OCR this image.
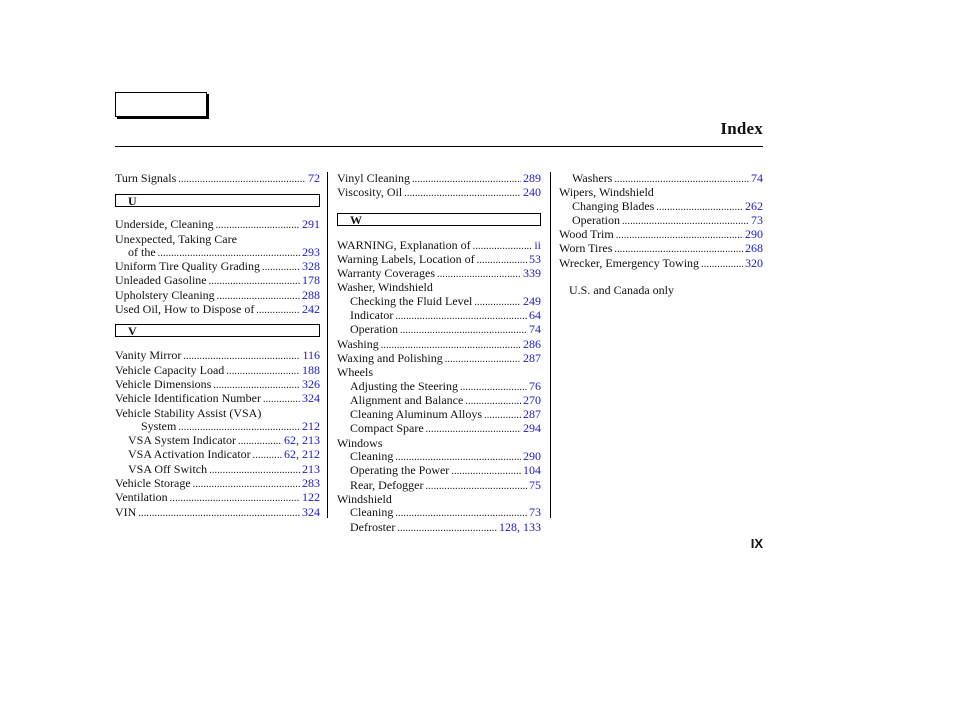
Index
Turn Signals .....	72
U
Underside, Cleaning .....	291
Unexpected, Taking Care
of the .....	293
Uniform Tire Quality Grading .....	328
Unleaded Gasoline .....	178
Upholstery Cleaning .....	288
Used Oil, How to Dispose of .....	242
V
Vanity Mirror .....	116
Vehicle Capacity Load .....	188
Vehicle Dimensions .....	326
Vehicle Identification Number .....	324
Vehicle Stability Assist (VSA)
System .....	212
VSA System Indicator .....	62, 213
VSA Activation Indicator .....	62, 212
VSA Off Switch .....	213
Vehicle Storage .....	283
Ventilation .....	122
VIN .....	324
Vinyl Cleaning .....	289
Viscosity, Oil .....	240
W
WARNING, Explanation of .....	ii
Warning Labels, Location of .....	53
Warranty Coverages .....	339
Washer, Windshield
Checking the Fluid Level .....	249
Indicator .....	64
Operation .....	74
Washing .....	286
Waxing and Polishing .....	287
Wheels
Adjusting the Steering .....	76
Alignment and Balance .....	270
Cleaning Aluminum Alloys .....	287
Compact Spare .....	294
Windows
Cleaning .....	290
Operating the Power .....	104
Rear, Defogger .....	75
Windshield
Cleaning .....	73
Defroster .....	128, 133
Washers .....	74
Wipers, Windshield
Changing Blades .....	262
Operation .....	73
Wood Trim .....	290
Worn Tires .....	268
Wrecker, Emergency Towing .....	320
U.S. and Canada only
IX
